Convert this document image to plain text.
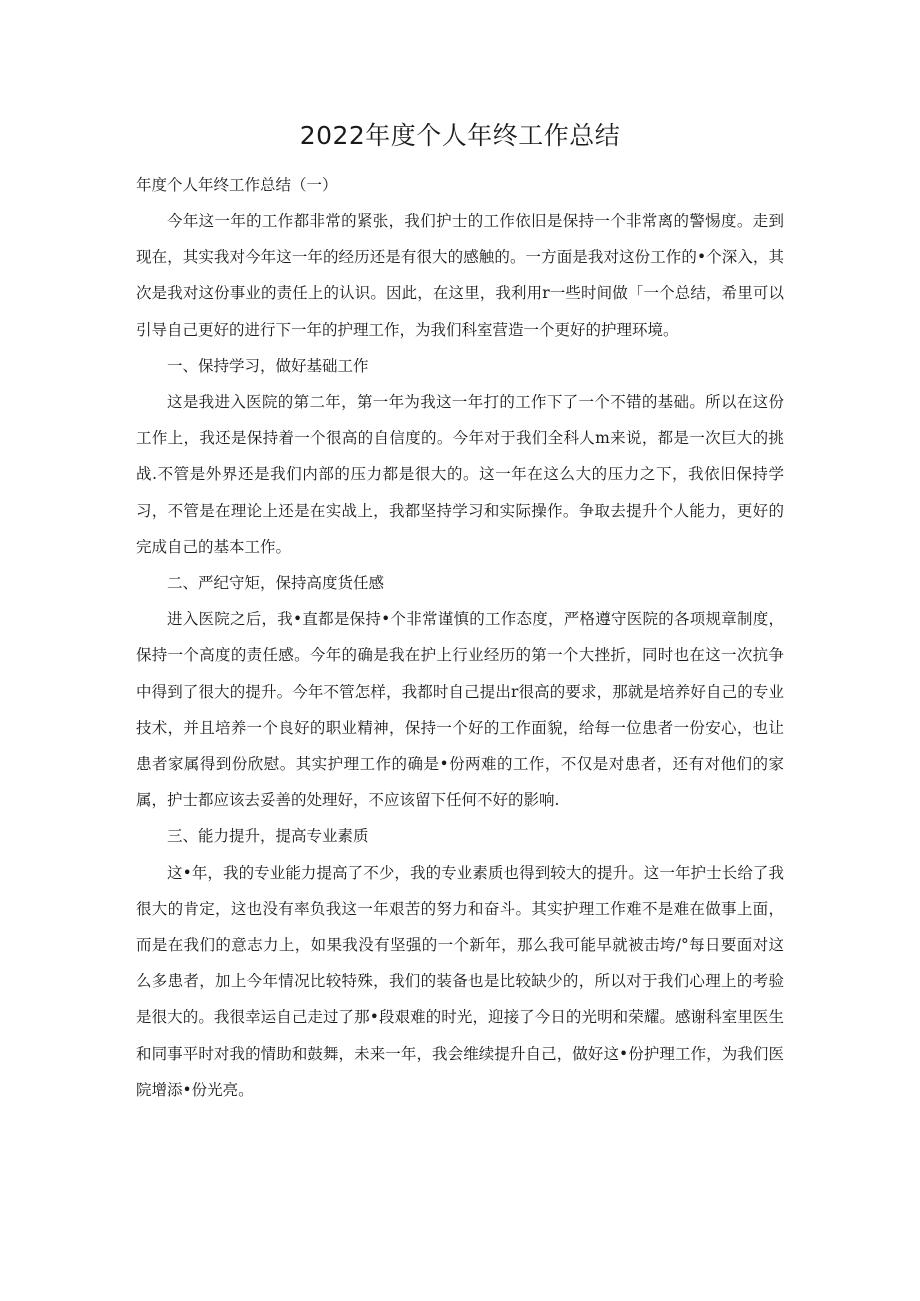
2022年度个人年终工作总结
年度个人年终工作总结（一）

今年这一年的工作都非常的紧张，我们护士的工作依旧是保持一个非常离的警惕度。走到现在，其实我对今年这一年的经历还是有很大的感触的。一方面是我对这份工作的•个深入，其次是我对这份事业的责任上的认识。因此，在这里，我利用r一些时间做「一个总结，希里可以引导自己更好的进行下一年的护理工作，为我们科室营造一个更好的护理环境。

一、保持学习，做好基础工作

这是我进入医院的第二年，第一年为我这一年打的工作下了一个不错的基础。所以在这份工作上，我还是保持着一个很高的自信度的。今年对于我们全科人m来说，都是一次巨大的挑战.不管是外界还是我们内部的压力都是很大的。这一年在这么大的压力之下，我依旧保持学习，不管是在理论上还是在实战上，我都坚持学习和实际操作。争取去提升个人能力，更好的完成自己的基本工作。

二、严纪守矩，保持高度货任感

进入医院之后，我•直都是保持•个非常谨慎的工作态度，严格遵守医院的各项规章制度，保持一个高度的责任感。今年的确是我在护上行业经历的第一个大挫折，同时也在这一次抗争中得到了很大的提升。今年不管怎样，我都时自己提出r很高的要求，那就是培养好自己的专业技术，并且培养一个良好的职业精神，保持一个好的工作面貌，给每一位患者一份安心，也让患者家属得到份欣慰。其实护理工作的确是•份两难的工作，不仅是对患者，还有对他们的家属，护士都应该去妥善的处理好，不应该留下任何不好的影响.

三、能力提升，提高专业素质

这•年，我的专业能力提高了不少，我的专业素质也得到较大的提升。这一年护士长给了我很大的肯定，这也没有率负我这一年艰苦的努力和奋斗。其实护理工作难不是难在做事上面，而是在我们的意志力上，如果我没有坚强的一个新年，那么我可能早就被击垮/°每日要面对这么多患者，加上今年情况比较特殊，我们的装备也是比较缺少的，所以对于我们心理上的考验是很大的。我很幸运自己走过了那•段艰难的时光，迎接了今日的光明和荣耀。感谢科室里医生和同事平时对我的情助和鼓舞，未来一年，我会维续提升自己，做好这•份护理工作，为我们医院增添•份光亮。
